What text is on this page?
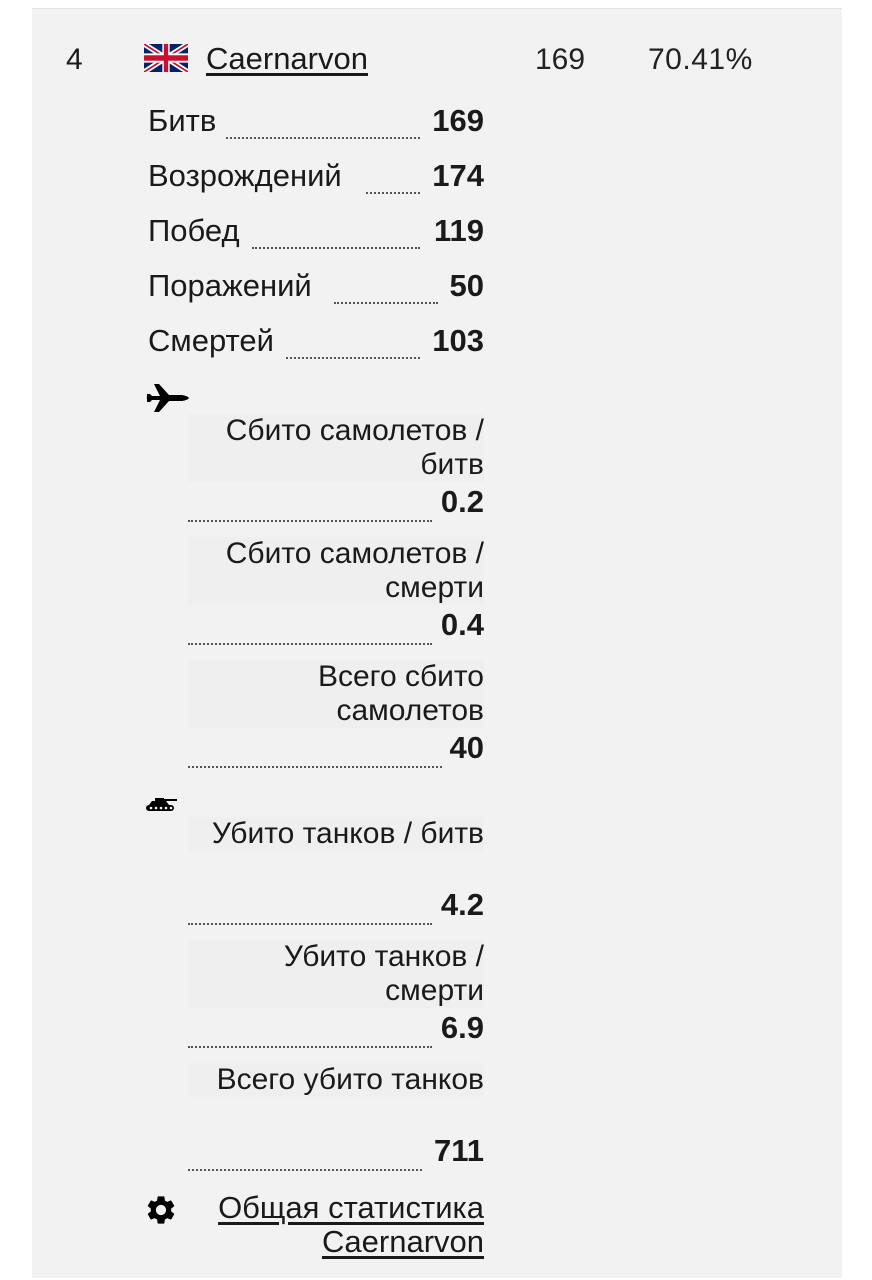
4	Caernarvon	169 70.41%
Битв	169
Возрождений	174
Побед	119
Поражений	50
Смертей	103
Сбито самолетов / битв
0.2
Сбито самолетов / смерти
0.4
Всего сбито самолетов
40
Убито танков / битв
4.2
Убито танков / смерти
6.9
Всего убито танков
711
Общая статистика Caernarvon
